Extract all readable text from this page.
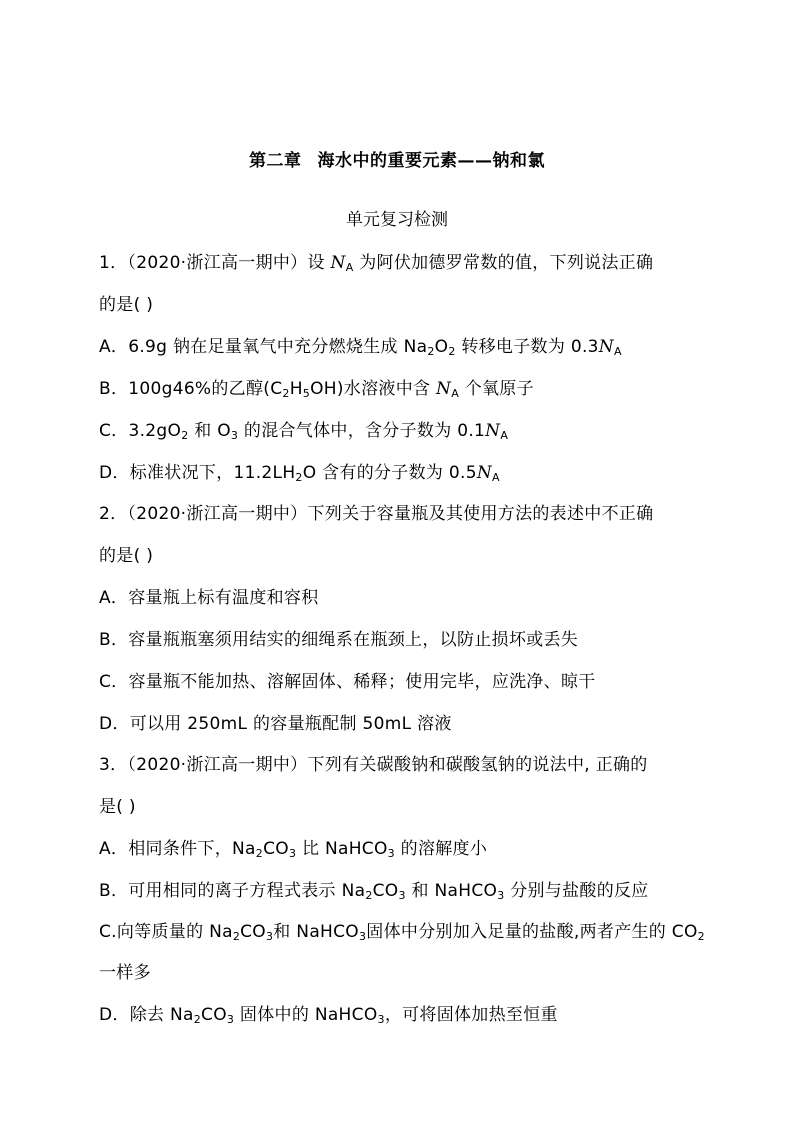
第二章 海水中的重要元素——钠和氯
单元复习检测
1．（2020·浙江高一期中）设 $N_A$ 为阿伏加德罗常数的值，下列说法正确
的是( )
A．6.9g 钠在足量氧气中充分燃烧生成 $Na_2O_2$ 转移电子数为 $0.3N_A$
B．100g46%的乙醇$(C_2H_5OH)$水溶液中含 $N_A$ 个氧原子
C．$3.2gO_2$ 和 $O_3$ 的混合气体中，含分子数为 $0.1N_A$
D．标准状况下，$11.2LH_2O$ 含有的分子数为 $0.5N_A$
2．（2020·浙江高一期中）下列关于容量瓶及其使用方法的表述中不正确
的是( )
A．容量瓶上标有温度和容积
B．容量瓶瓶塞须用结实的细绳系在瓶颈上，以防止损坏或丢失
C．容量瓶不能加热、溶解固体、稀释；使用完毕，应洗净、晾干
D．可以用 250mL 的容量瓶配制 50mL 溶液
3．（2020·浙江高一期中）下列有关碳酸钠和碳酸氢钠的说法中, 正确的
是( )
A．相同条件下，$Na_2CO_3$ 比 NaHCO$_3$ 的溶解度小
B．可用相同的离子方程式表示 $Na_2CO_3$ 和 NaHCO$_3$ 分别与盐酸的反应
C.向等质量的 $Na_2CO_3$和 NaHCO$_3$固体中分别加入足量的盐酸,两者产生的 $CO_2$
一样多
D．除去 $Na_2CO_3$ 固体中的 NaHCO$_3$，可将固体加热至恒重
